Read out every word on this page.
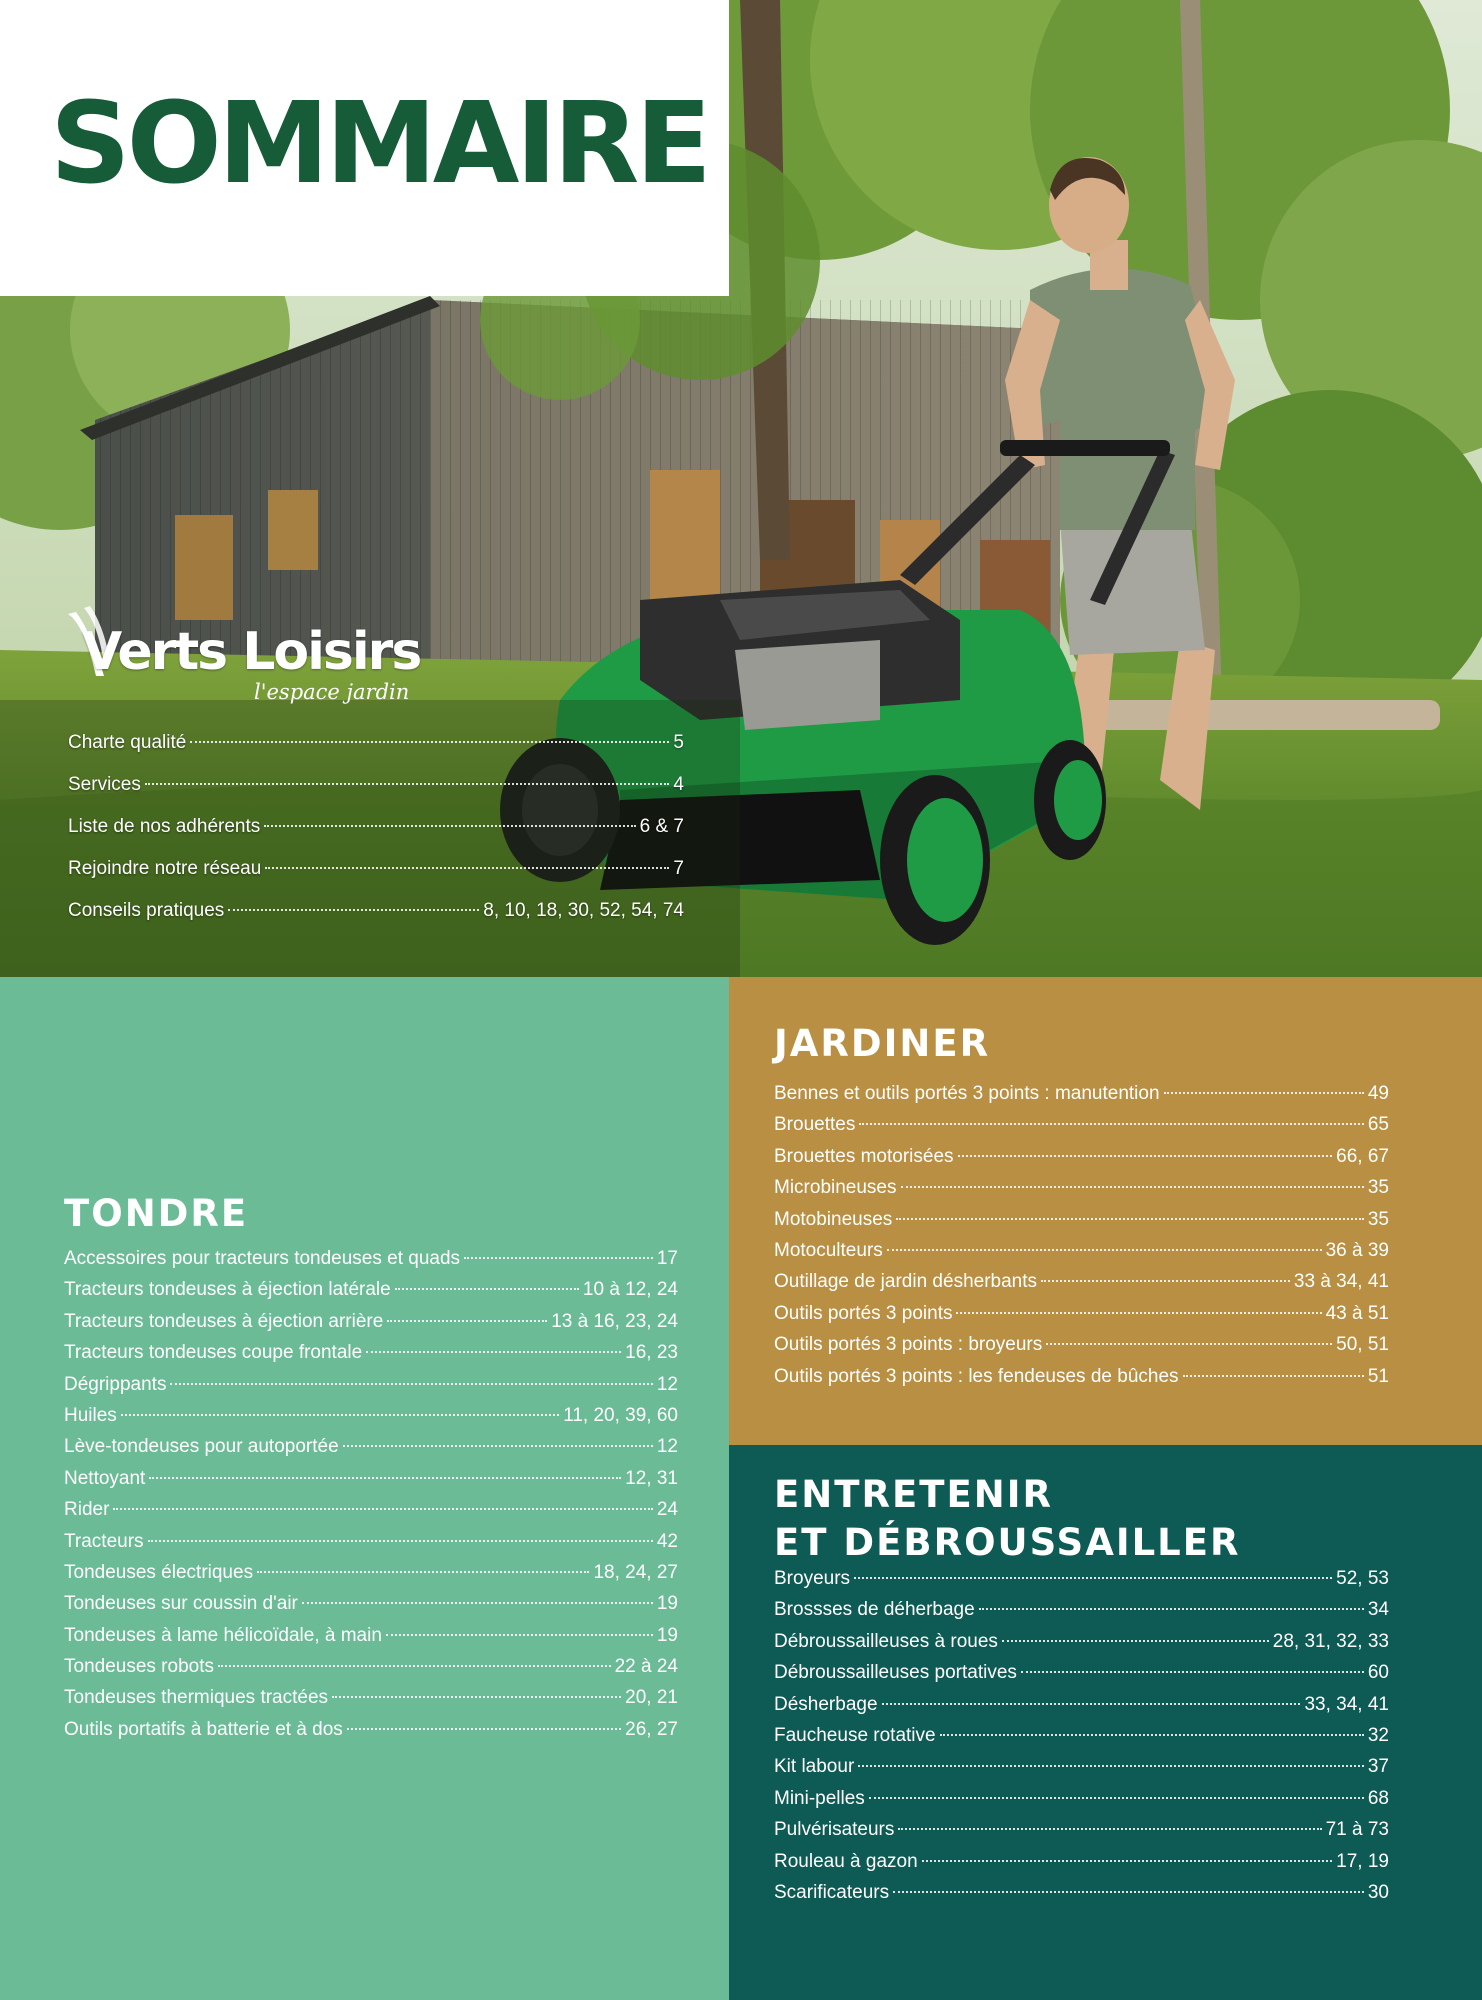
SOMMAIRE
Verts Loisirs
l'espace jardin
Charte qualité	5
Services	4
Liste de nos adhérents	6 & 7
Rejoindre notre réseau	7
Conseils pratiques	8, 10, 18, 30, 52, 54, 74
TONDRE
Accessoires pour tracteurs tondeuses et quads	17
Tracteurs tondeuses à éjection latérale	10 à 12, 24
Tracteurs tondeuses à éjection arrière	13 à 16, 23, 24
Tracteurs tondeuses coupe frontale	16, 23
Dégrippants	12
Huiles	11, 20, 39, 60
Lève-tondeuses pour autoportée	12
Nettoyant	12, 31
Rider	24
Tracteurs	42
Tondeuses électriques	18, 24, 27
Tondeuses sur coussin d'air	19
Tondeuses à lame hélicoïdale, à main	19
Tondeuses robots	22 à 24
Tondeuses thermiques tractées	20, 21
Outils portatifs à batterie et à dos	26, 27
JARDINER
Bennes et outils portés 3 points : manutention	49
Brouettes	65
Brouettes motorisées	66, 67
Microbineuses	35
Motobineuses	35
Motoculteurs	36 à 39
Outillage de jardin désherbants	33 à 34, 41
Outils portés 3 points	43 à 51
Outils portés 3 points : broyeurs	50, 51
Outils portés 3 points : les fendeuses de bûches	51
ENTRETENIR
ET DÉBROUSSAILLER
Broyeurs	52, 53
Brossses de déherbage	34
Débroussailleuses à roues	28, 31, 32, 33
Débroussailleuses portatives	60
Désherbage	33, 34, 41
Faucheuse rotative	32
Kit labour	37
Mini-pelles	68
Pulvérisateurs	71 à 73
Rouleau à gazon	17, 19
Scarificateurs	30
